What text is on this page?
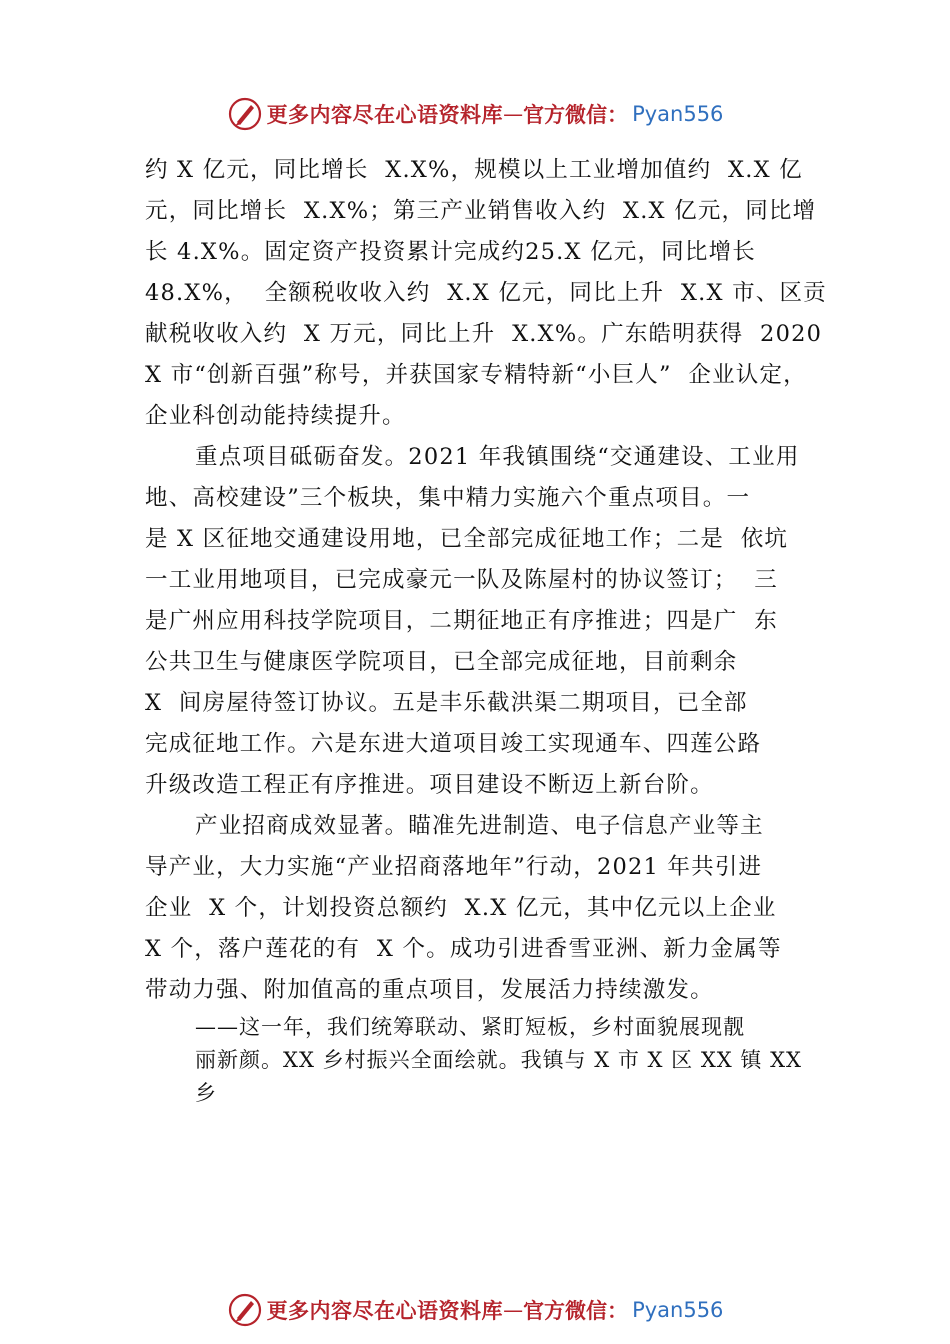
更多内容尽在心语资料库 — 官方微信： Pyan556
约 X 亿元，同比增长  X.X%，规模以上工业增加值约  X.X 亿
元，同比增长  X.X%；第三产业销售收入约  X.X 亿元，同比增
长 4.X%。固定资产投资累计完成约25.X 亿元，同比增长
48.X%，  全额税收收入约  X.X 亿元，同比上升  X.X 市、区贡
献税收收入约  X 万元，同比上升  X.X%。广东皓明获得  2020
X 市“创新百强”称号，并获国家专精特新“小巨人”  企业认定，
企业科创动能持续提升。
重点项目砥砺奋发。2021 年我镇围绕“交通建设、工业用
地、高校建设”三个板块，集中精力实施六个重点项目。一
是 X 区征地交通建设用地，已全部完成征地工作；二是  依坑
一工业用地项目，已完成豪元一队及陈屋村的协议签订；  三
是广州应用科技学院项目，二期征地正有序推进；四是广  东
公共卫生与健康医学院项目，已全部完成征地，目前剩余
X  间房屋待签订协议。五是丰乐截洪渠二期项目，已全部
完成征地工作。六是东进大道项目竣工实现通车、四莲公路
升级改造工程正有序推进。项目建设不断迈上新台阶。
产业招商成效显著。瞄准先进制造、电子信息产业等主
导产业，大力实施“产业招商落地年”行动，2021 年共引进
企业  X 个，计划投资总额约  X.X 亿元，其中亿元以上企业
X 个，落户莲花的有  X 个。成功引进香雪亚洲、新力金属等
带动力强、附加值高的重点项目，发展活力持续激发。
——这一年，我们统筹联动、紧盯短板，乡村面貌展现靓
丽新颜。XX 乡村振兴全面绘就。我镇与 X 市 X 区 XX 镇 XX
乡
更多内容尽在心语资料库 — 官方微信： Pyan556
